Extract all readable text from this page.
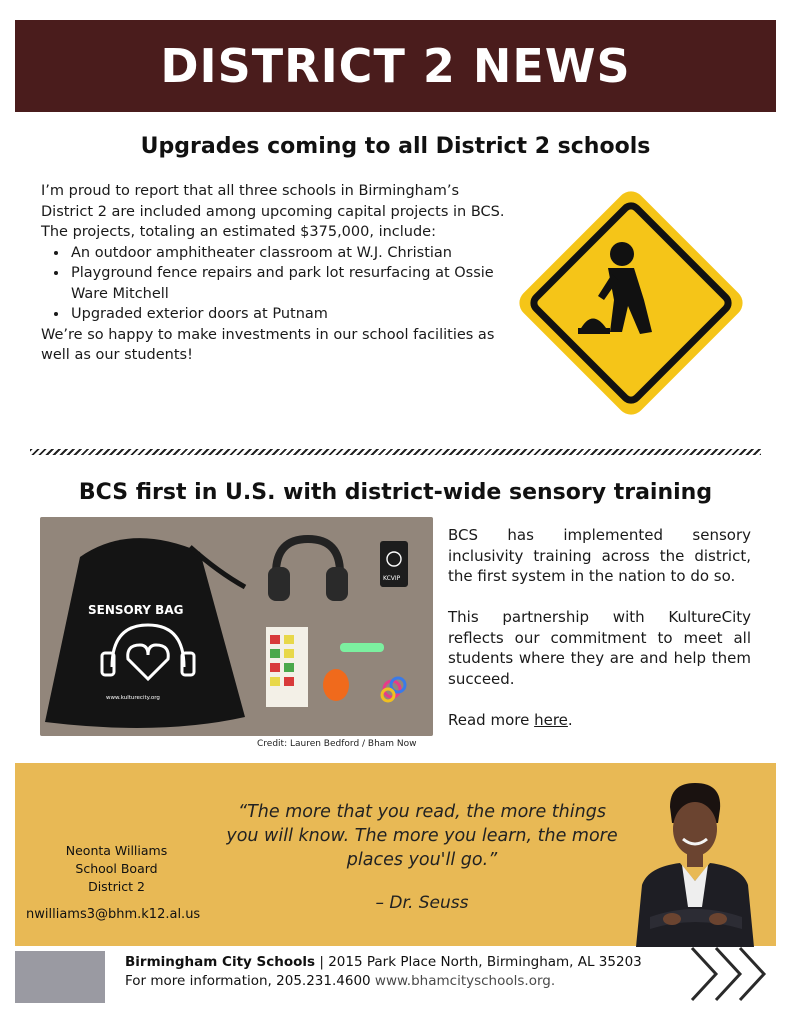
DISTRICT 2 NEWS
Upgrades coming to all District 2 schools
I’m proud to report that all three schools in Birmingham’s District 2 are included among upcoming capital projects in BCS.
The projects, totaling an estimated $375,000, include:
• An outdoor amphitheater classroom at W.J. Christian
• Playground fence repairs and park lot resurfacing at Ossie Ware Mitchell
• Upgraded exterior doors at Putnam
We’re so happy to make investments in our school facilities as well as our students!
BCS first in U.S. with district-wide sensory training
SENSORY BAG
www.kulturecity.org
KCVIP
Credit: Lauren Bedford / Bham Now

BCS has implemented sensory inclusivity training across the district, the first system in the nation to do so.

This partnership with KultureCity reflects our commitment to meet all students where they are and help them succeed.

Read more here.

Neonta Williams
School Board
District 2
nwilliams3@bhm.k12.al.us
“The more that you read, the more things you will know. The more you learn, the more places you'll go.”
– Dr. Seuss
Birmingham City Schools | 2015 Park Place North, Birmingham, AL 35203
For more information, 205.231.4600 www.bhamcityschools.org.
